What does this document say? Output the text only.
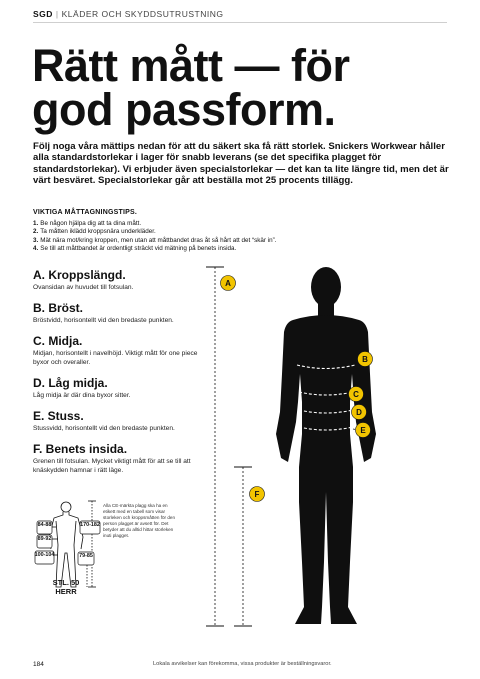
SGD | KLÄDER OCH SKYDDSUTRUSTNING
Rätt mått — för
god passform.

Följ noga våra mättips nedan för att du säkert ska få rätt storlek. Snickers Workwear håller alla standardstorlekar i lager för snabb leverans (se det specifika plagget för standardstorlekar). Vi erbjuder även specialstorlekar — det kan ta lite längre tid, men det är värt besväret. Specialstorlekar går att beställa mot 25 procents tillägg.

VIKTIGA MÅTTAGNINGSTIPS.
1. Be någon hjälpa dig att ta dina mått.
2. Ta måtten iklädd kroppsnära underkläder.
3. Mät nära mot/kring kroppen, men utan att måttbandet dras åt så hårt att det “skär in”.
4. Se till att måttbandet är ordentligt sträckt vid mätning på benets insida.
A. Kroppslängd.

Ovansidan av huvudet till fotsulan.

B. Bröst.

Bröstvidd, horisontellt vid den bredaste punkten.

C. Midja.

Midjan, horisontellt i navelhöjd. Viktigt mått för one piece byxor och overaller.

D. Låg midja.

Låg midja är där dina byxor sitter.

E. Stuss.

Stussvidd, horisontellt vid den bredaste punkten.

F. Benets insida.

Grenen till fotsulan. Mycket viktigt mått för att se till att knäskydden hamnar i rätt läge.

84-88
89-92
100-104
170-182
79-85
STL. 50
HERR
Alla CE-märkta plagg ska ha en etikett med en tabell som visar storleken och kroppsmåtten för den person plagget är avsett för. Det betyder att du alltid hittar storleken inuti plagget.
A
B
C
D
E
F
184	Lokala avvikelser kan förekomma, vissa produkter är beställningsvaror.
